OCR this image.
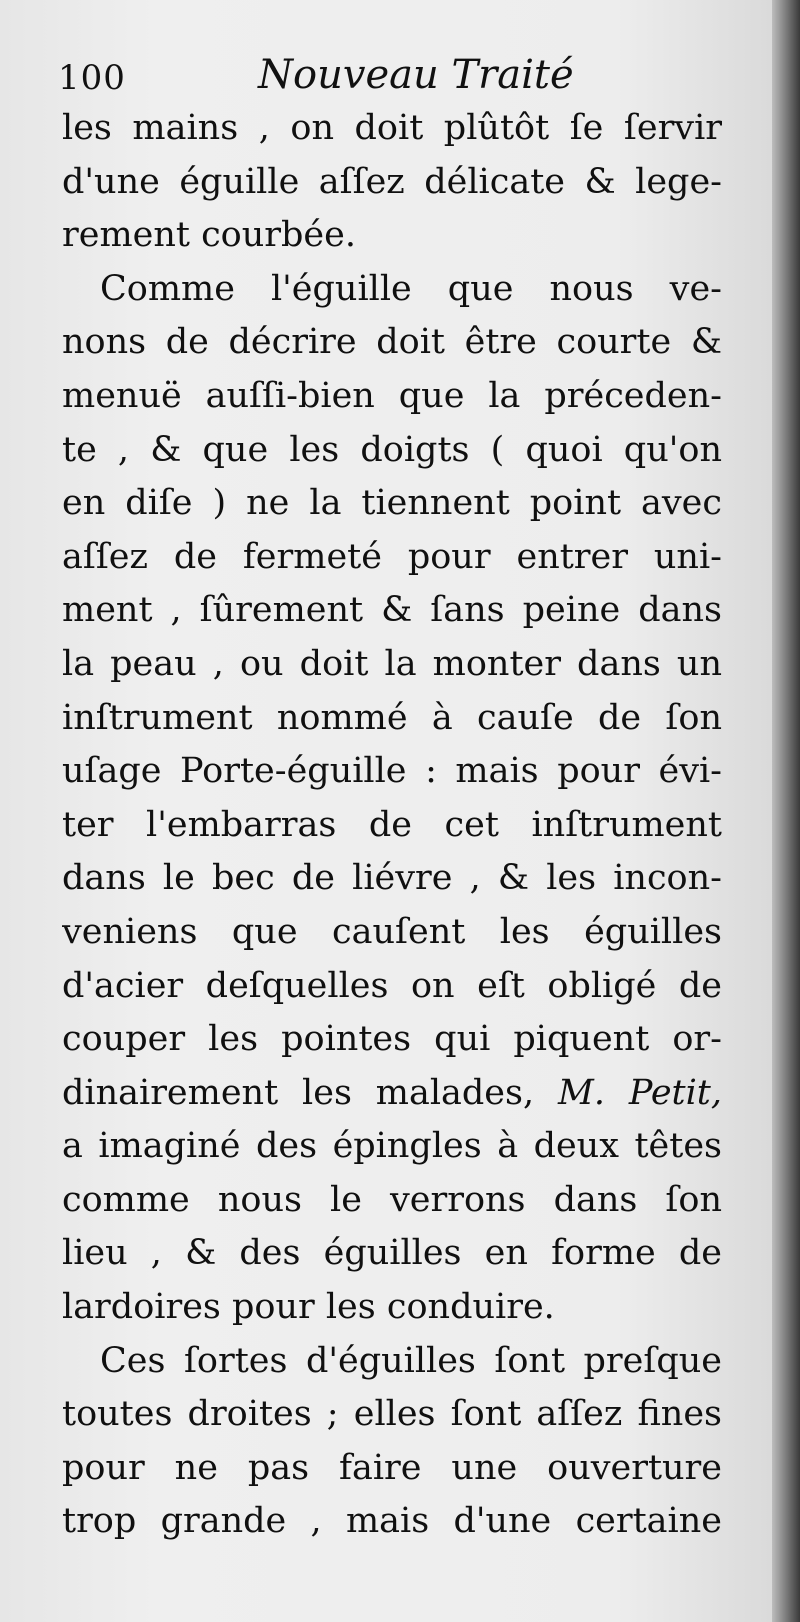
100	Nouveau Traité
les mains , on doit plûtôt ſe ſervir
d'une éguille aſſez délicate & lege-
rement courbée.
Comme l'éguille que nous ve-
nons de décrire doit être courte &
menuë auſſi-bien que la préceden-
te , & que les doigts ( quoi qu'on
en diſe ) ne la tiennent point avec
aſſez de fermeté pour entrer uni-
ment , ſûrement & ſans peine dans
la peau , ou doit la monter dans un
inſtrument nommé à cauſe de ſon
uſage Porte-éguille : mais pour évi-
ter l'embarras de cet inſtrument
dans le bec de liévre , & les incon-
veniens que cauſent les éguilles
d'acier deſquelles on eſt obligé de
couper les pointes qui piquent or-
dinairement les malades, M. Petit,
a imaginé des épingles à deux têtes
comme nous le verrons dans ſon
lieu , & des éguilles en forme de
lardoires pour les conduire.
Ces ſortes d'éguilles ſont preſque
toutes droites ; elles ſont aſſez fines
pour ne pas faire une ouverture
trop grande , mais d'une certaine
